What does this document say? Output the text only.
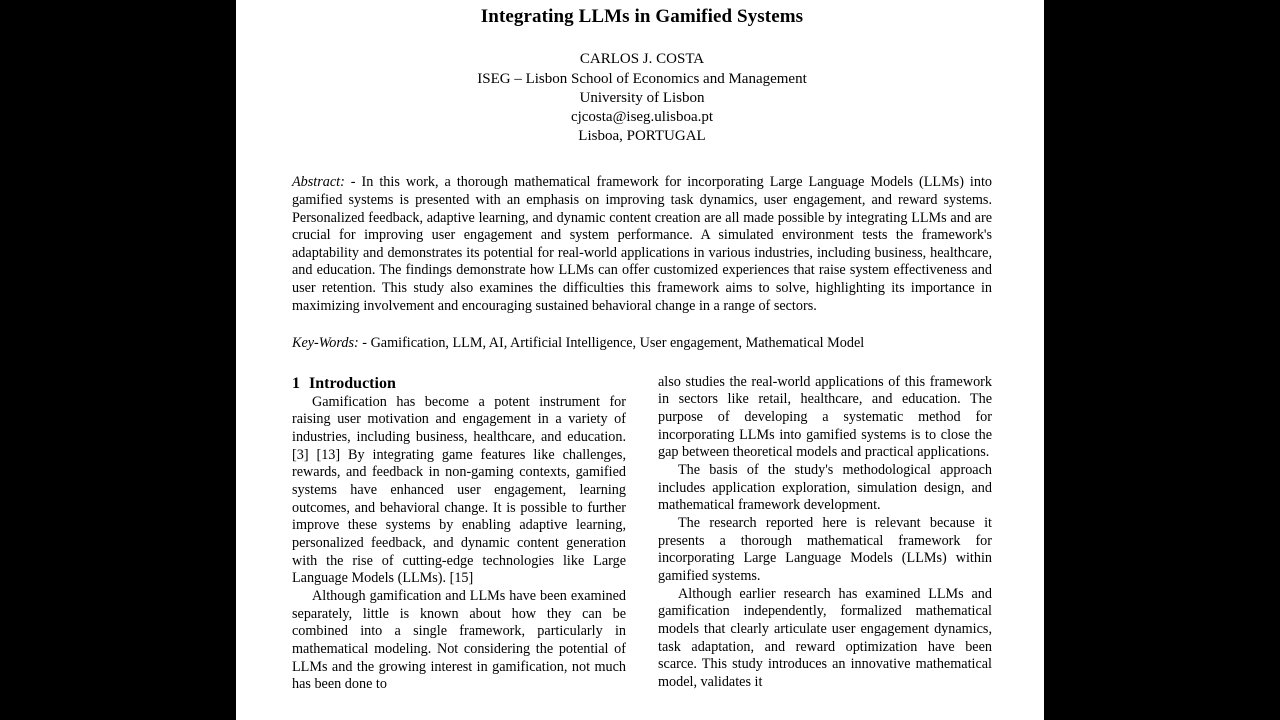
Integrating LLMs in Gamified Systems
CARLOS J. COSTA
ISEG – Lisbon School of Economics and Management
University of Lisbon
cjcosta@iseg.ulisboa.pt
Lisboa, PORTUGAL

Abstract: - In this work, a thorough mathematical framework for incorporating Large Language Models (LLMs) into gamified systems is presented with an emphasis on improving task dynamics, user engagement, and reward systems. Personalized feedback, adaptive learning, and dynamic content creation are all made possible by integrating LLMs and are crucial for improving user engagement and system performance. A simulated environment tests the framework's adaptability and demonstrates its potential for real-world applications in various industries, including business, healthcare, and education. The findings demonstrate how LLMs can offer customized experiences that raise system effectiveness and user retention. This study also examines the difficulties this framework aims to solve, highlighting its importance in maximizing involvement and encouraging sustained behavioral change in a range of sectors.

Key-Words: - Gamification, LLM, AI, Artificial Intelligence, User engagement, Mathematical Model

1 Introduction

Gamification has become a potent instrument for raising user motivation and engagement in a variety of industries, including business, healthcare, and education. [3] [13] By integrating game features like challenges, rewards, and feedback in non-gaming contexts, gamified systems have enhanced user engagement, learning outcomes, and behavioral change. It is possible to further improve these systems by enabling adaptive learning, personalized feedback, and dynamic content generation with the rise of cutting-edge technologies like Large Language Models (LLMs). [15]

Although gamification and LLMs have been examined separately, little is known about how they can be combined into a single framework, particularly in mathematical modeling. Not considering the potential of LLMs and the growing interest in gamification, not much has been done to

also studies the real-world applications of this framework in sectors like retail, healthcare, and education. The purpose of developing a systematic method for incorporating LLMs into gamified systems is to close the gap between theoretical models and practical applications.

The basis of the study's methodological approach includes application exploration, simulation design, and mathematical framework development.

The research reported here is relevant because it presents a thorough mathematical framework for incorporating Large Language Models (LLMs) within gamified systems.

Although earlier research has examined LLMs and gamification independently, formalized mathematical models that clearly articulate user engagement dynamics, task adaptation, and reward optimization have been scarce. This study introduces an innovative mathematical model, validates it
